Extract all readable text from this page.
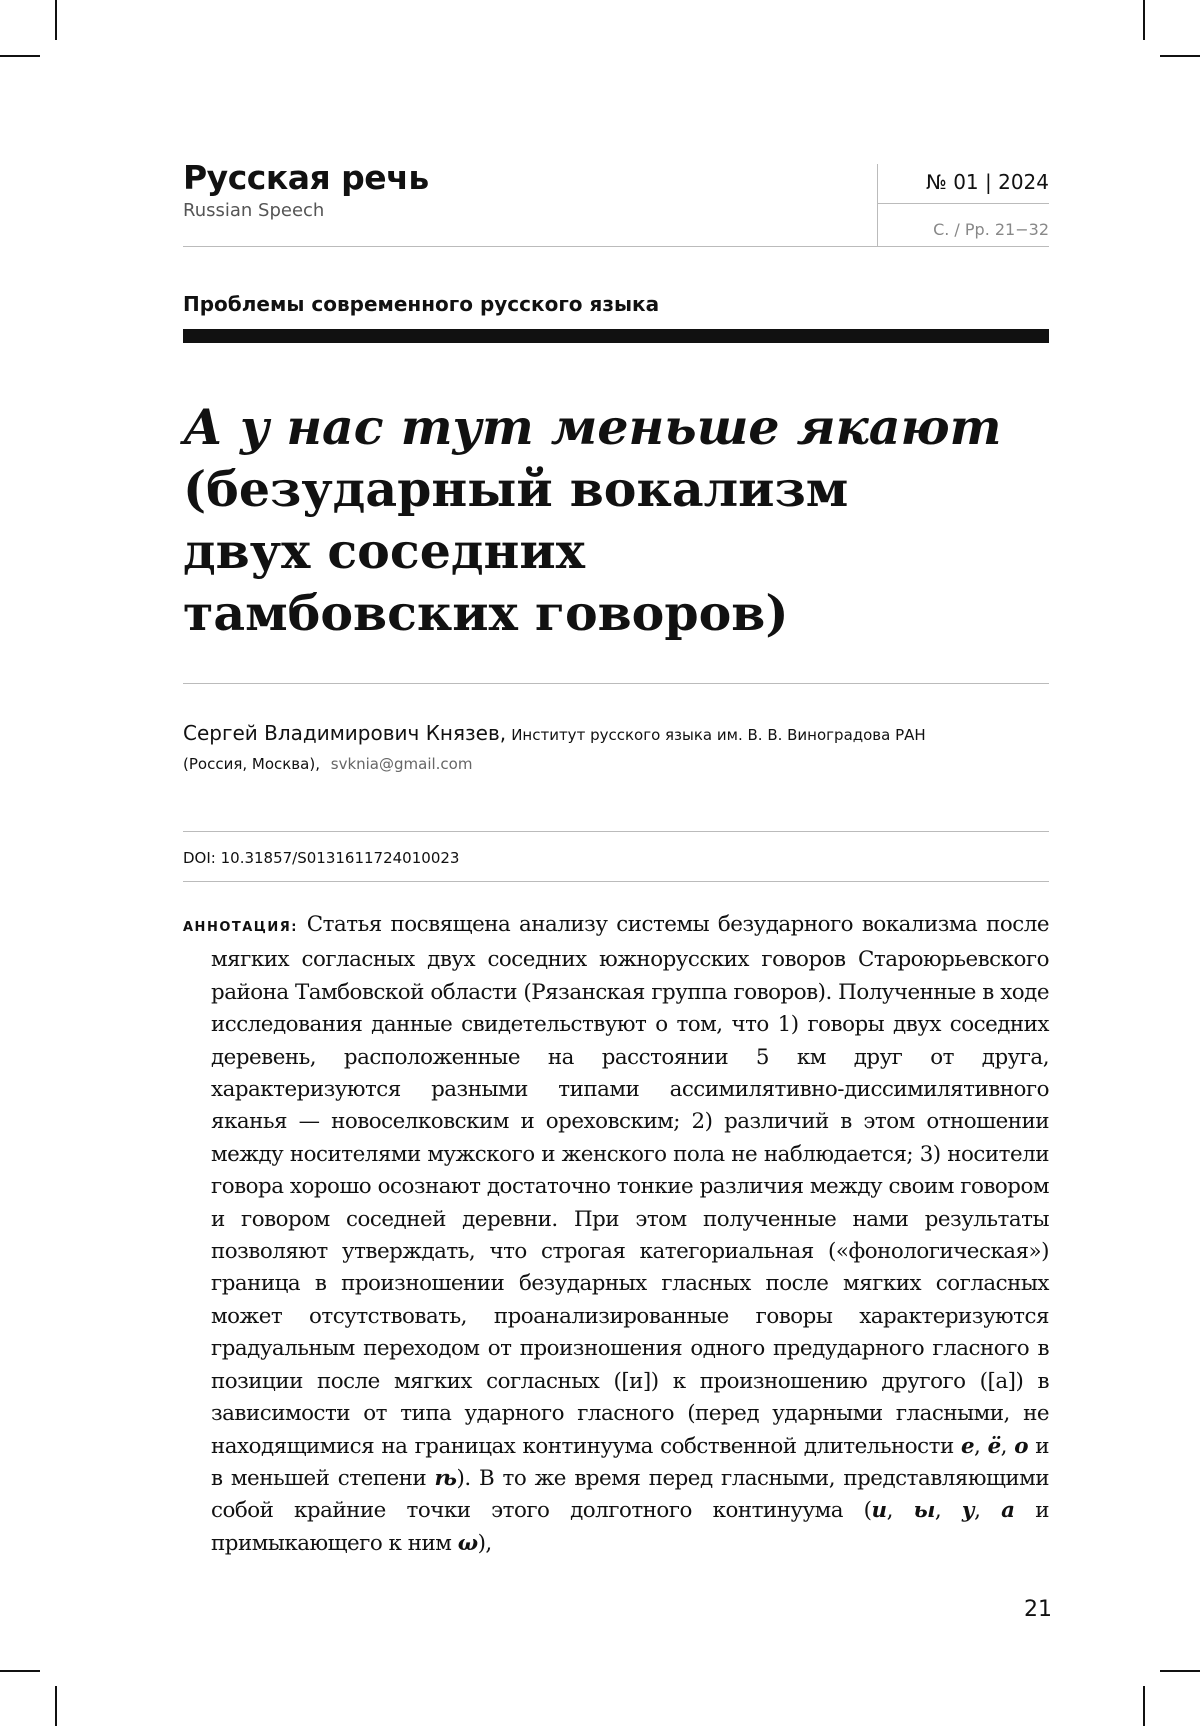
Русская речь
Russian Speech
№ 01 | 2024
С. / Pp. 21−32
Проблемы современного русского языка
А у нас тут меньше якают
(безударный вокализм
двух соседних
тамбовских говоров)
Сергей Владимирович Князев, Институт русского языка им. В. В. Виноградова РАН
(Россия, Москва), svknia@gmail.com
DOI: 10.31857/S0131611724010023

АННОТАЦИЯ: Статья посвящена анализу системы безударного вокализма после мягких согласных двух соседних южнорусских говоров Староюрьевского района Тамбовской области (Рязанская группа говоров). Полученные в ходе исследования данные свидетельствуют о том, что 1) говоры двух соседних деревень, расположенные на расстоянии 5 км друг от друга, характеризуются разными типами ассимилятивно-диссимилятивного яканья — новоселковским и ореховским; 2) различий в этом отношении между носителями мужского и женского пола не наблюдается; 3) носители говора хорошо осознают достаточно тонкие различия между своим говором и говором соседней деревни. При этом полученные нами результаты позволяют утверждать, что строгая категориальная («фонологическая») граница в произношении безударных гласных после мягких согласных может отсутствовать, проанализированные говоры характеризуются градуальным переходом от произношения одного предударного гласного в позиции после мягких согласных ([и]) к произношению другого ([а]) в зависимости от типа ударного гласного (перед ударными гласными, не находящимися на границах континуума собственной длительности е, ё, о и в меньшей степени ѣ). В то же время перед гласными, представляющими собой крайние точки этого долготного континуума (и, ы, у, а и примыкающего к ним ω),

21
